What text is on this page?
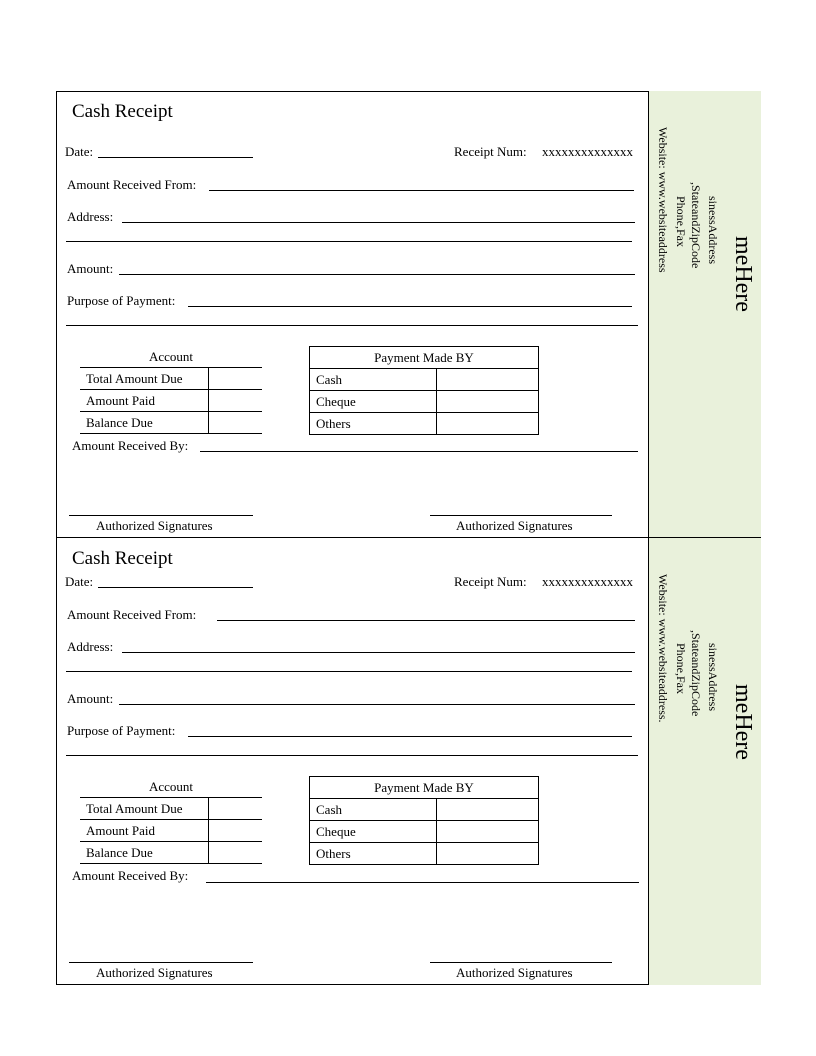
meHere
sinessAddress
,StateandZipCode
Phone,Fax
Website: www.websiteaddress
Cash Receipt
Date:	Receipt Num: xxxxxxxxxxxxxx
Amount Received From:
Address:
Amount:
Purpose of Payment:
Account	
Total Amount Due	
Amount Paid	
Balance Due	
Payment Made BY	
Cash	
Cheque	
Others	
Amount Received By:
Authorized Signatures	Authorized Signatures
meHere
sinessAddress
,StateandZipCode
Phone,Fax
Website: www.websiteaddress.
Cash Receipt
Date:	Receipt Num: xxxxxxxxxxxxxx
Amount Received From:
Address:
Amount:
Purpose of Payment:
Account	
Total Amount Due	
Amount Paid	
Balance Due	
Payment Made BY	
Cash	
Cheque	
Others	
Amount Received By:
Authorized Signatures	Authorized Signatures
